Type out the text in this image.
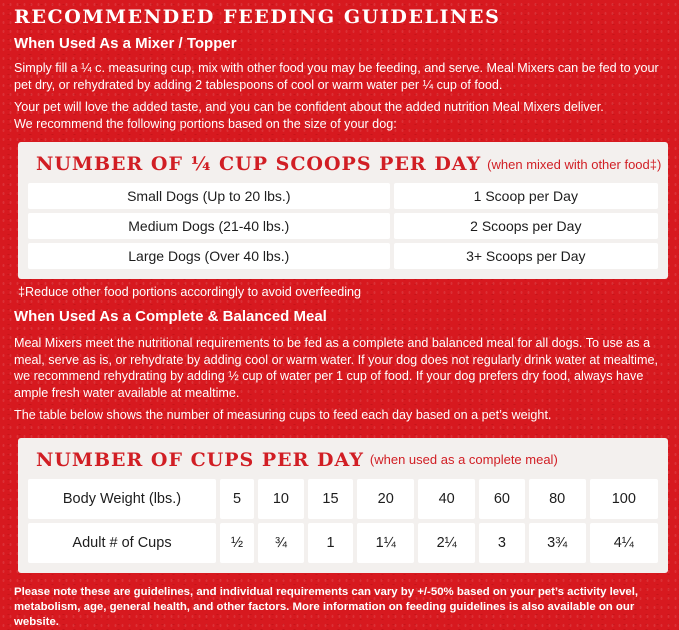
RECOMMENDED FEEDING GUIDELINES
When Used As a Mixer / Topper

Simply fill a ¼ c. measuring cup, mix with other food you may be feeding, and serve. Meal Mixers can be fed to your pet dry, or rehydrated by adding 2 tablespoons of cool or warm water per ¼ cup of food.

Your pet will love the added taste, and you can be confident about the added nutrition Meal Mixers deliver.

We recommend the following portions based on the size of your dog:

NUMBER OF ¼ CUP SCOOPS PER DAY (when mixed with other food‡)
Small Dogs (Up to 20 lbs.)	1 Scoop per Day
Medium Dogs (21-40 lbs.)	2 Scoops per Day
Large Dogs (Over 40 lbs.)	3+ Scoops per Day
‡Reduce other food portions accordingly to avoid overfeeding
When Used As a Complete & Balanced Meal

Meal Mixers meet the nutritional requirements to be fed as a complete and balanced meal for all dogs. To use as a meal, serve as is, or rehydrate by adding cool or warm water. If your dog does not regularly drink water at mealtime, we recommend rehydrating by adding ½ cup of water per 1 cup of food. If your dog prefers dry food, always have ample fresh water available at mealtime.

The table below shows the number of measuring cups to feed each day based on a pet’s weight.

NUMBER OF CUPS PER DAY (when used as a complete meal)
Body Weight (lbs.)	5	10	15	20	40	60	80	100
Adult # of Cups	½	¾	1	1¼	2¼	3	3¾	4¼
Please note these are guidelines, and individual requirements can vary by +/-50% based on your pet’s activity level, metabolism, age, general health, and other factors. More information on feeding guidelines is also available on our website.
